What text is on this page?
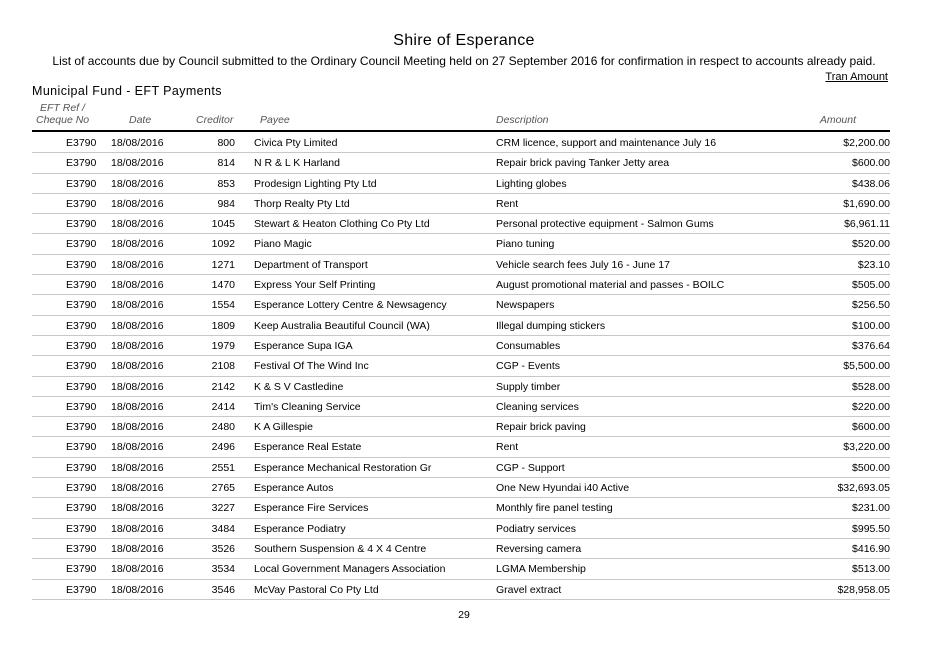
Shire of Esperance
List of accounts due by Council submitted to the Ordinary Council Meeting held on 27 September 2016 for confirmation in respect to accounts already paid.
Tran Amount
Municipal Fund - EFT Payments
EFT Ref /
Cheque No	Date	Creditor	Payee	Description	Amount
E3790 18/08/2016	800 Civica Pty Limited	CRM licence, support and maintenance July 16	$2,200.00
E3790 18/08/2016	814 N R & L K Harland	Repair brick paving Tanker Jetty area	$600.00
E3790 18/08/2016	853 Prodesign Lighting Pty Ltd	Lighting globes	$438.06
E3790 18/08/2016	984 Thorp Realty Pty Ltd	Rent	$1,690.00
E3790 18/08/2016	1045 Stewart & Heaton Clothing Co Pty Ltd	Personal protective equipment - Salmon Gums	$6,961.11
E3790 18/08/2016	1092 Piano Magic	Piano tuning	$520.00
E3790 18/08/2016	1271 Department of Transport	Vehicle search fees July 16 - June 17	$23.10
E3790 18/08/2016	1470 Express Your Self Printing	August promotional material and passes - BOILC	$505.00
E3790 18/08/2016	1554 Esperance Lottery Centre & Newsagency	Newspapers	$256.50
E3790 18/08/2016	1809 Keep Australia Beautiful Council (WA)	Illegal dumping stickers	$100.00
E3790 18/08/2016	1979 Esperance Supa IGA	Consumables	$376.64
E3790 18/08/2016	2108 Festival Of The Wind Inc	CGP - Events	$5,500.00
E3790 18/08/2016	2142 K & S V Castledine	Supply timber	$528.00
E3790 18/08/2016	2414 Tim's Cleaning Service	Cleaning services	$220.00
E3790 18/08/2016	2480 K A Gillespie	Repair brick paving	$600.00
E3790 18/08/2016	2496 Esperance Real Estate	Rent	$3,220.00
E3790 18/08/2016	2551 Esperance Mechanical Restoration Gr	CGP - Support	$500.00
E3790 18/08/2016	2765 Esperance Autos	One New Hyundai i40 Active	$32,693.05
E3790 18/08/2016	3227 Esperance Fire Services	Monthly fire panel testing	$231.00
E3790 18/08/2016	3484 Esperance Podiatry	Podiatry services	$995.50
E3790 18/08/2016	3526 Southern Suspension & 4 X 4 Centre	Reversing camera	$416.90
E3790 18/08/2016	3534 Local Government Managers Association	LGMA Membership	$513.00
E3790 18/08/2016	3546 McVay Pastoral Co Pty Ltd	Gravel extract	$28,958.05
29
